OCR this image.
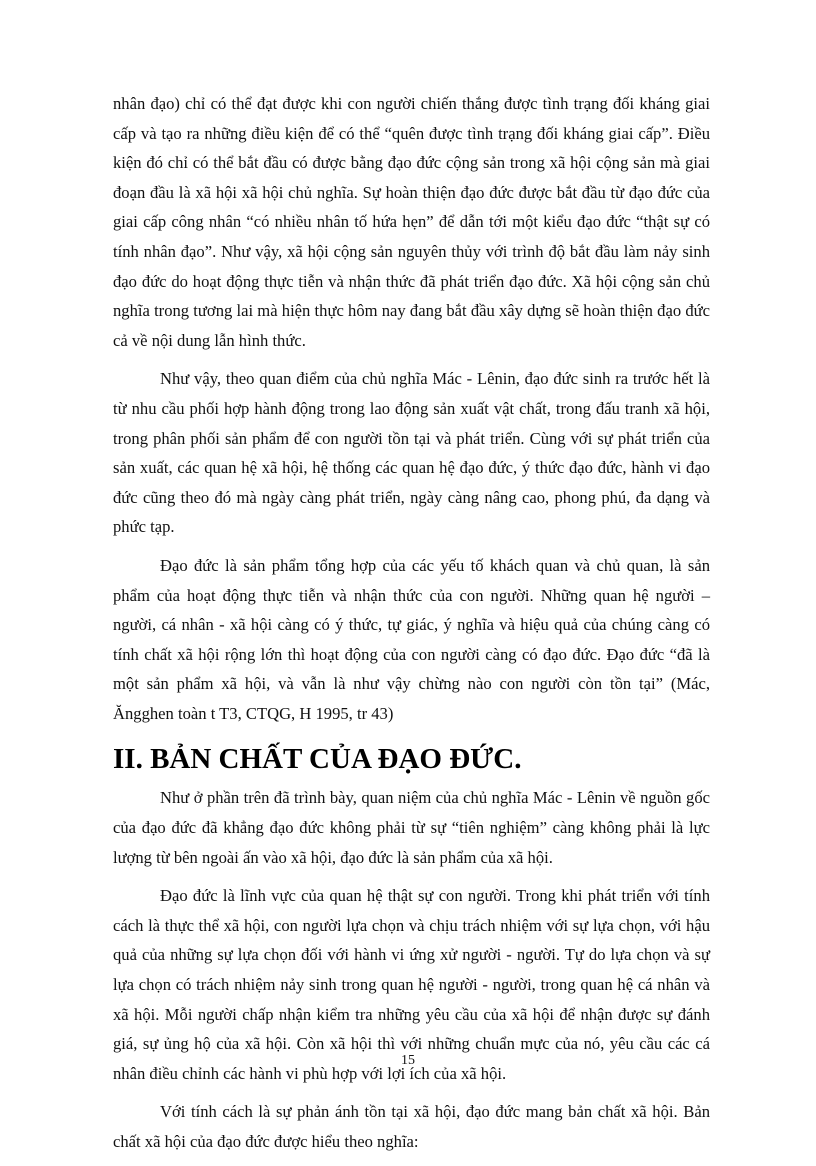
nhân đạo) chỉ có thể đạt được khi con người chiến thắng được tình trạng đối kháng giai cấp và tạo ra những điều kiện để có thể “quên được tình trạng đối kháng giai cấp”. Điều kiện đó chỉ có thể bắt đầu có được bằng đạo đức cộng sản trong xã hội cộng sản mà giai đoạn đầu là xã hội xã hội chủ nghĩa. Sự hoàn thiện đạo đức được bắt đầu từ đạo đức của giai cấp công nhân “có nhiều nhân tố hứa hẹn” để dẫn tới một kiểu đạo đức “thật sự có tính nhân đạo”. Như vậy, xã hội cộng sản nguyên thủy với trình độ bắt đầu làm nảy sinh đạo đức do hoạt động thực tiễn và nhận thức đã phát triển đạo đức. Xã hội cộng sản chủ nghĩa trong tương lai mà hiện thực hôm nay đang bắt đầu xây dựng sẽ hoàn thiện đạo đức cả về nội dung lẫn hình thức.

Như vậy, theo quan điểm của chủ nghĩa Mác - Lênin, đạo đức sinh ra trước hết là từ nhu cầu phối hợp hành động trong lao động sản xuất vật chất, trong đấu tranh xã hội, trong phân phối sản phẩm để con người tồn tại và phát triển. Cùng với sự phát triển của sản xuất, các quan hệ xã hội, hệ thống các quan hệ đạo đức, ý thức đạo đức, hành vi đạo đức cũng theo đó mà ngày càng phát triển, ngày càng nâng cao, phong phú, đa dạng và phức tạp.

Đạo đức là sản phẩm tổng hợp của các yếu tố khách quan và chủ quan, là sản phẩm của hoạt động thực tiễn và nhận thức của con người. Những quan hệ người – người, cá nhân - xã hội càng có ý thức, tự giác, ý nghĩa và hiệu quả của chúng càng có tính chất xã hội rộng lớn thì hoạt động của con người càng có đạo đức. Đạo đức “đã là một sản phẩm xã hội, và vẫn là như vậy chừng nào con người còn tồn tại” (Mác, Ăngghen toàn t T3, CTQG, H 1995, tr 43)

II. BẢN CHẤT CỦA ĐẠO ĐỨC.

Như ở phần trên đã trình bày, quan niệm của chủ nghĩa Mác - Lênin về nguồn gốc của đạo đức đã khẳng đạo đức không phải từ sự “tiên nghiệm” càng không phải là lực lượng từ bên ngoài ấn vào xã hội, đạo đức là sản phẩm của xã hội.

Đạo đức là lĩnh vực của quan hệ thật sự con người. Trong khi phát triển với tính cách là thực thể xã hội, con người lựa chọn và chịu trách nhiệm với sự lựa chọn, với hậu quả của những sự lựa chọn đối với hành vi ứng xử người - người. Tự do lựa chọn và sự lựa chọn có trách nhiệm nảy sinh trong quan hệ người - người, trong quan hệ cá nhân và xã hội. Mỗi người chấp nhận kiểm tra những yêu cầu của xã hội để nhận được sự đánh giá, sự ủng hộ của xã hội. Còn xã hội thì với những chuẩn mực của nó, yêu cầu các cá nhân điều chỉnh các hành vi phù hợp với lợi ích của xã hội.

Với tính cách là sự phản ánh tồn tại xã hội, đạo đức mang bản chất xã hội. Bản chất xã hội của đạo đức được hiểu theo nghĩa:

15
